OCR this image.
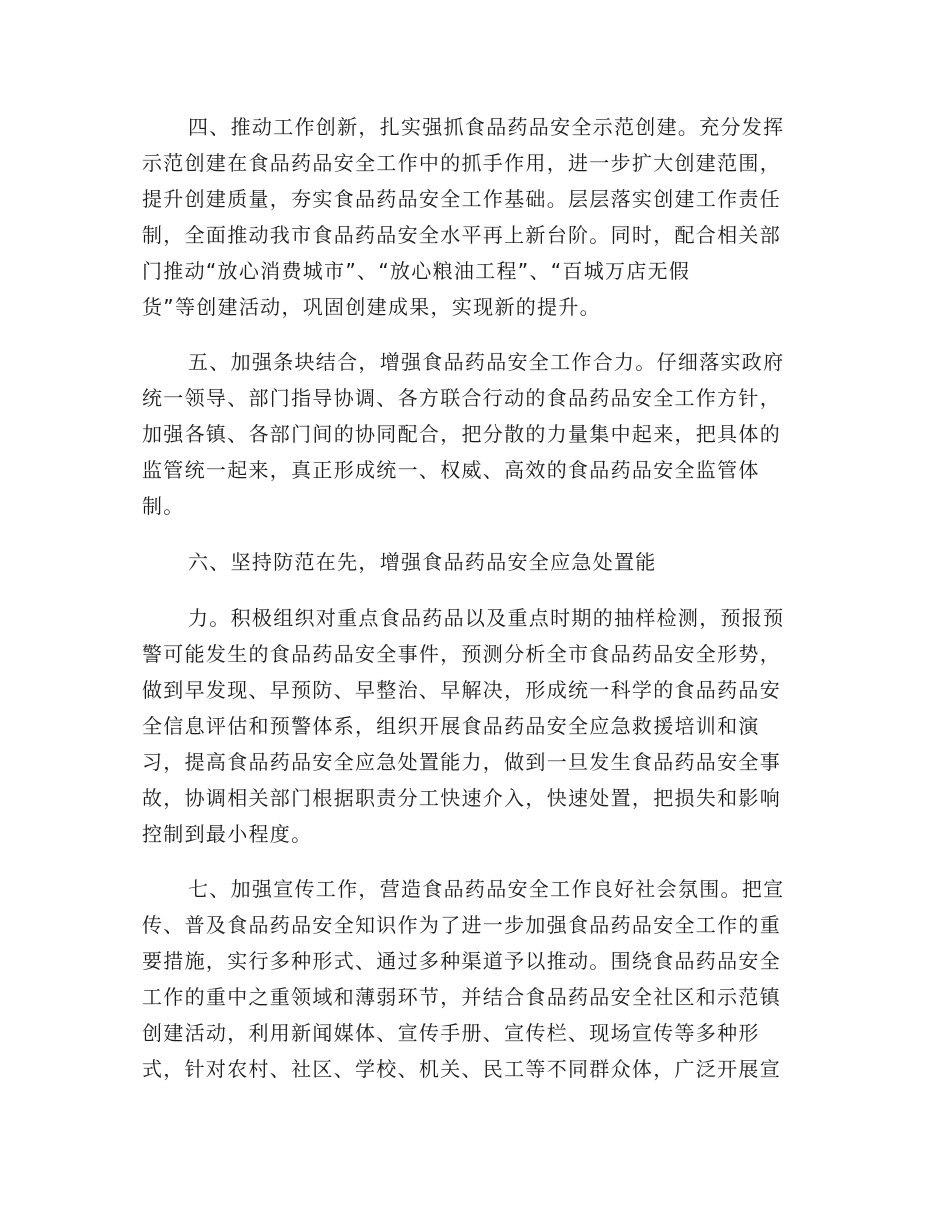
四、推动工作创新，扎实强抓食品药品安全示范创建。充分发挥
示范创建在食品药品安全工作中的抓手作用，进一步扩大创建范围，
提升创建质量，夯实食品药品安全工作基础。层层落实创建工作责任
制，全面推动我市食品药品安全水平再上新台阶。同时，配合相关部
门推动“放心消费城市”、“放心粮油工程”、“百城万店无假
货”等创建活动，巩固创建成果，实现新的提升。
五、加强条块结合，增强食品药品安全工作合力。仔细落实政府
统一领导、部门指导协调、各方联合行动的食品药品安全工作方针，
加强各镇、各部门间的协同配合，把分散的力量集中起来，把具体的
监管统一起来，真正形成统一、权威、高效的食品药品安全监管体
制。
六、坚持防范在先，增强食品药品安全应急处置能
力。积极组织对重点食品药品以及重点时期的抽样检测，预报预
警可能发生的食品药品安全事件，预测分析全市食品药品安全形势，
做到早发现、早预防、早整治、早解决，形成统一科学的食品药品安
全信息评估和预警体系，组织开展食品药品安全应急救援培训和演
习，提高食品药品安全应急处置能力，做到一旦发生食品药品安全事
故，协调相关部门根据职责分工快速介入，快速处置，把损失和影响
控制到最小程度。
七、加强宣传工作，营造食品药品安全工作良好社会氛围。把宣
传、普及食品药品安全知识作为了进一步加强食品药品安全工作的重
要措施，实行多种形式、通过多种渠道予以推动。围绕食品药品安全
工作的重中之重领域和薄弱环节，并结合食品药品安全社区和示范镇
创建活动，利用新闻媒体、宣传手册、宣传栏、现场宣传等多种形
式，针对农村、社区、学校、机关、民工等不同群众体，广泛开展宣
